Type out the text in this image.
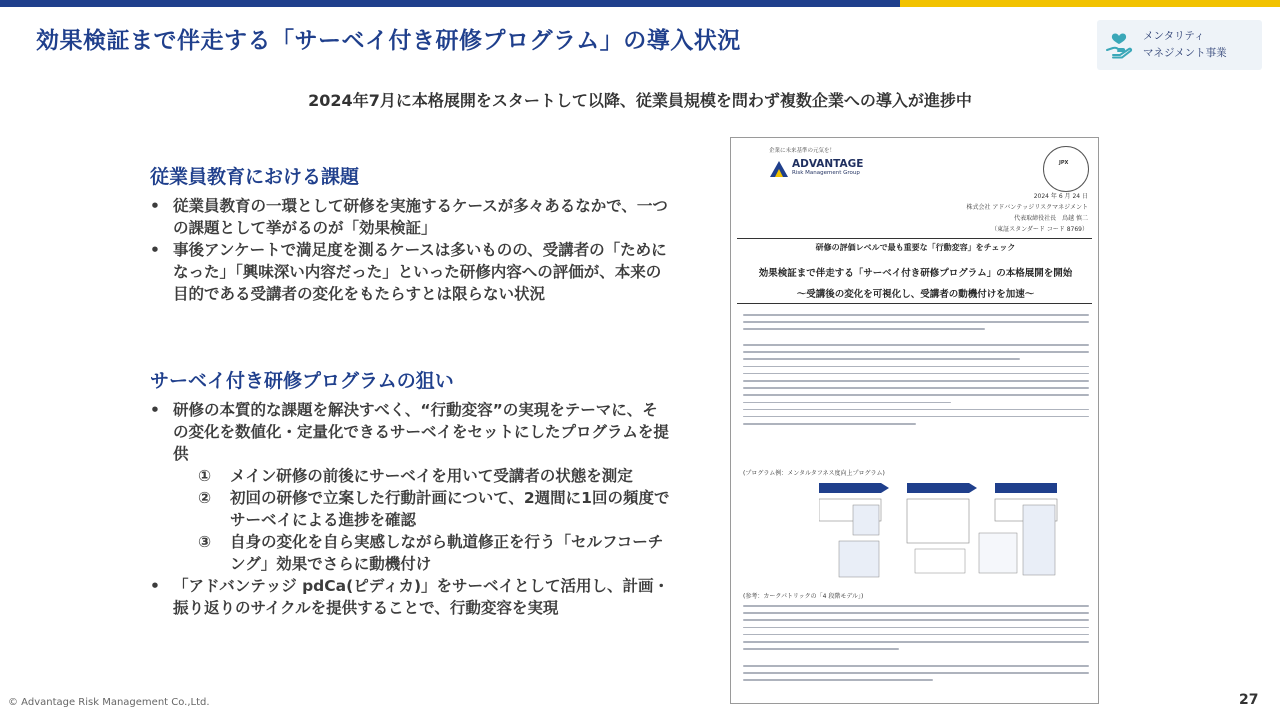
効果検証まで伴走する「サーベイ付き研修プログラム」の導入状況	メンタリティ
マネジメント事業
2024年7月に本格展開をスタートして以降、従業員規模を問わず複数企業への導入が進捗中
従業員教育における課題
• 従業員教育の一環として研修を実施するケースが多々あるなかで、一つの課題として挙がるのが「効果検証」
• 事後アンケートで満足度を測るケースは多いものの、受講者の「ためになった」「興味深い内容だった」といった研修内容への評価が、本来の目的である受講者の変化をもたらすとは限らない状況
サーベイ付き研修プログラムの狙い
• 研修の本質的な課題を解決すべく、“行動変容”の実現をテーマに、その変化を数値化・定量化できるサーベイをセットにしたプログラムを提供
① メイン研修の前後にサーベイを用いて受講者の状態を測定
② 初回の研修で立案した行動計画について、2週間に1回の頻度でサーベイによる進捗を確認
③ 自身の変化を自ら実感しながら軌道修正を行う「セルフコーチング」効果でさらに動機付け
• 「アドバンテッジ pdCa(ピディカ)」をサーベイとして活用し、計画・振り返りのサイクルを提供することで、行動変容を実現
企業に未来基準の元気を！
ADVANTAGE
Risk Management Group
JPX
2024 年 6 月 24 日
株式会社 アドバンテッジリスクマネジメント
代表取締役社長　鳥越 慎二
（東証スタンダード コード 8769）
研修の評価レベルで最も重要な「行動変容」をチェック
効果検証まで伴走する「サーベイ付き研修プログラム」の本格展開を開始
～受講後の変化を可視化し、受講者の動機付けを加速～
(プログラム例：メンタルタフネス度向上プログラム)
(参考：カークパトリックの「4 段階モデル」)
© Advantage Risk Management Co.,Ltd.	27
